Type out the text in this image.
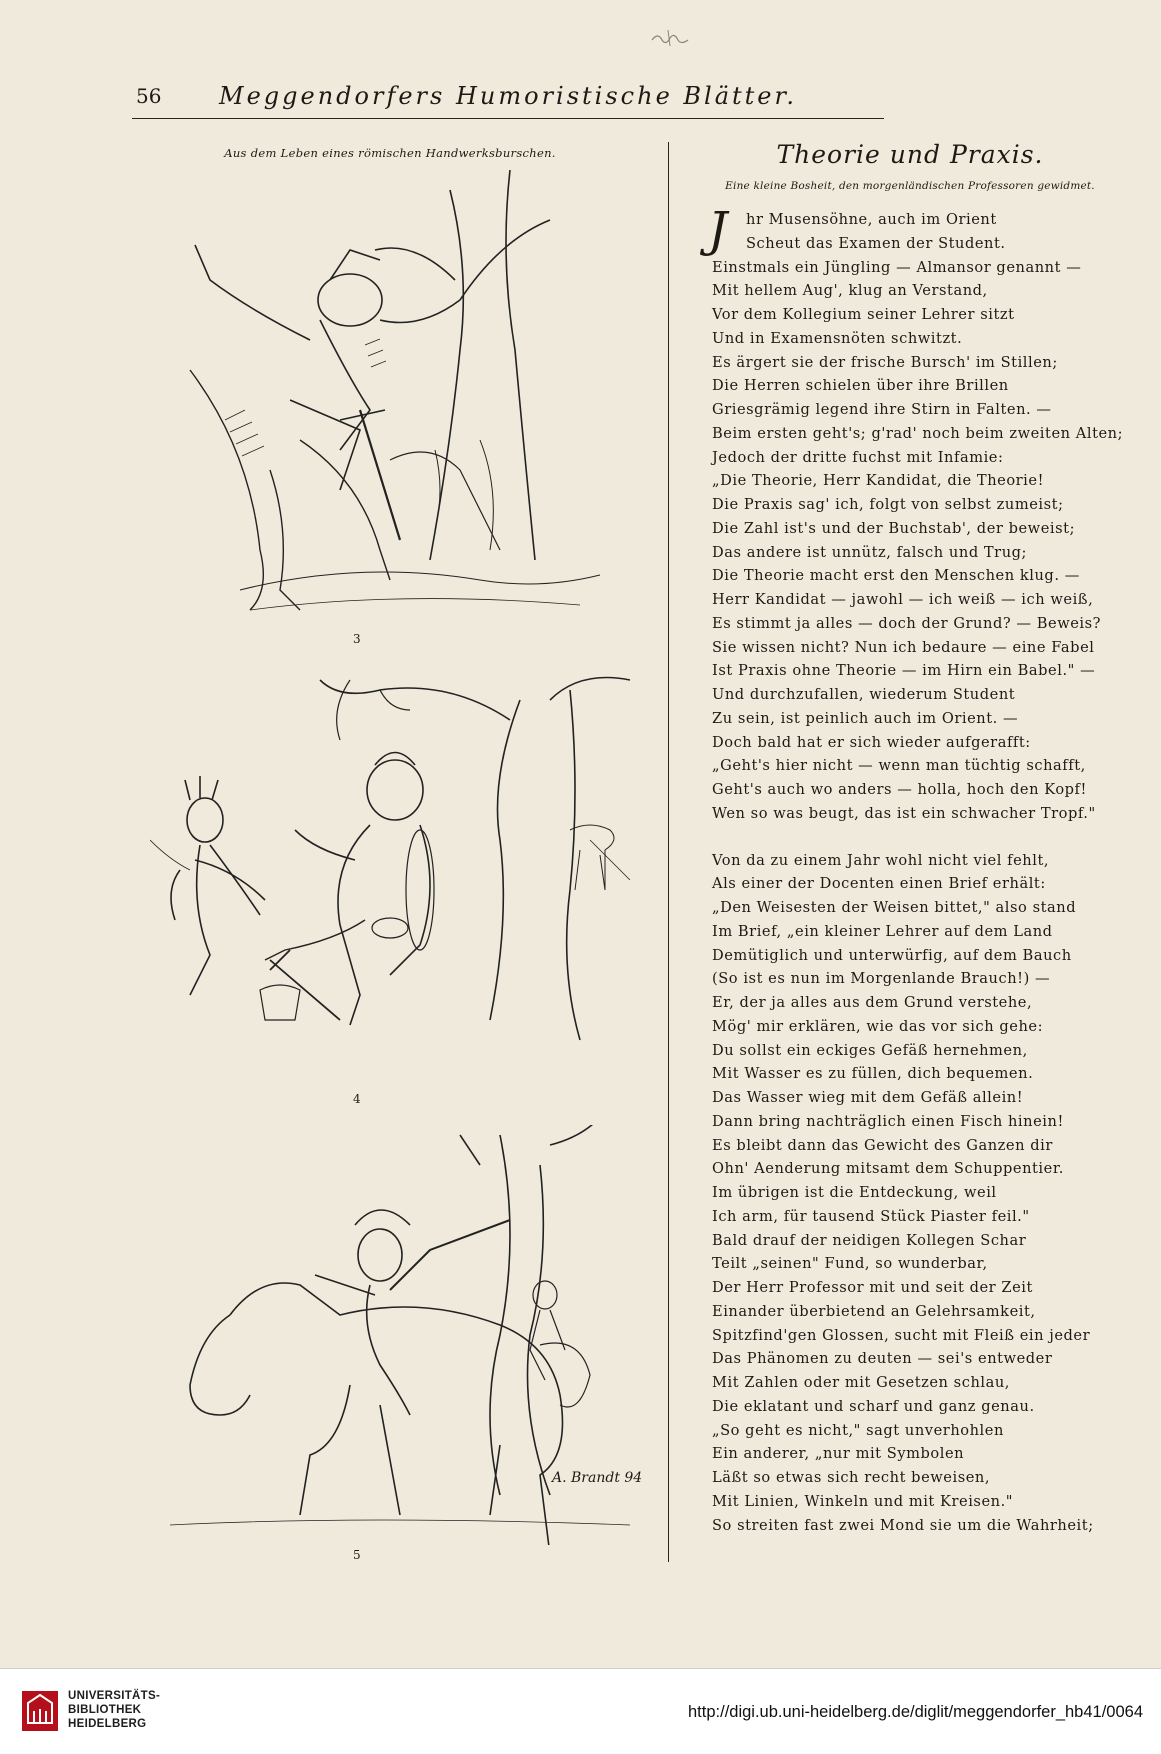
56	Meggendorfers Humoristische Blätter.
Aus dem Leben eines römischen Handwerksburschen.
3
4
5
A. Brandt 94
Theorie und Praxis.
Eine kleine Bosheit, den morgenländischen Professoren gewidmet.
J	hr Musensöhne, auch im Orient
Scheut das Examen der Student.
Einstmals ein Jüngling — Almansor genannt —
Mit hellem Aug', klug an Verstand,
Vor dem Kollegium seiner Lehrer sitzt
Und in Examensnöten schwitzt.
Es ärgert sie der frische Bursch' im Stillen;
Die Herren schielen über ihre Brillen
Griesgrämig legend ihre Stirn in Falten. —
Beim ersten geht's; g'rad' noch beim zweiten Alten;
Jedoch der dritte fuchst mit Infamie:
„Die Theorie, Herr Kandidat, die Theorie!
Die Praxis sag' ich, folgt von selbst zumeist;
Die Zahl ist's und der Buchstab', der beweist;
Das andere ist unnütz, falsch und Trug;
Die Theorie macht erst den Menschen klug. —
Herr Kandidat — jawohl — ich weiß — ich weiß,
Es stimmt ja alles — doch der Grund? — Beweis?
Sie wissen nicht? Nun ich bedaure — eine Fabel
Ist Praxis ohne Theorie — im Hirn ein Babel." —
Und durchzufallen, wiederum Student
Zu sein, ist peinlich auch im Orient. —
Doch bald hat er sich wieder aufgerafft:
„Geht's hier nicht — wenn man tüchtig schafft,
Geht's auch wo anders — holla, hoch den Kopf!
Wen so was beugt, das ist ein schwacher Tropf."
Von da zu einem Jahr wohl nicht viel fehlt,
Als einer der Docenten einen Brief erhält:
„Den Weisesten der Weisen bittet," also stand
Im Brief, „ein kleiner Lehrer auf dem Land
Demütiglich und unterwürfig, auf dem Bauch
(So ist es nun im Morgenlande Brauch!) —
Er, der ja alles aus dem Grund verstehe,
Mög' mir erklären, wie das vor sich gehe:
Du sollst ein eckiges Gefäß hernehmen,
Mit Wasser es zu füllen, dich bequemen.
Das Wasser wieg mit dem Gefäß allein!
Dann bring nachträglich einen Fisch hinein!
Es bleibt dann das Gewicht des Ganzen dir
Ohn' Aenderung mitsamt dem Schuppentier.
Im übrigen ist die Entdeckung, weil
Ich arm, für tausend Stück Piaster feil."
Bald drauf der neidigen Kollegen Schar
Teilt „seinen" Fund, so wunderbar,
Der Herr Professor mit und seit der Zeit
Einander überbietend an Gelehrsamkeit,
Spitzfind'gen Glossen, sucht mit Fleiß ein jeder
Das Phänomen zu deuten — sei's entweder
Mit Zahlen oder mit Gesetzen schlau,
Die eklatant und scharf und ganz genau.
„So geht es nicht," sagt unverhohlen
Ein anderer, „nur mit Symbolen
Läßt so etwas sich recht beweisen,
Mit Linien, Winkeln und mit Kreisen."
So streiten fast zwei Mond sie um die Wahrheit;
UNIVERSITÄTS-
BIBLIOTHEK
HEIDELBERG
http://digi.ub.uni-heidelberg.de/diglit/meggendorfer_hb41/0064
